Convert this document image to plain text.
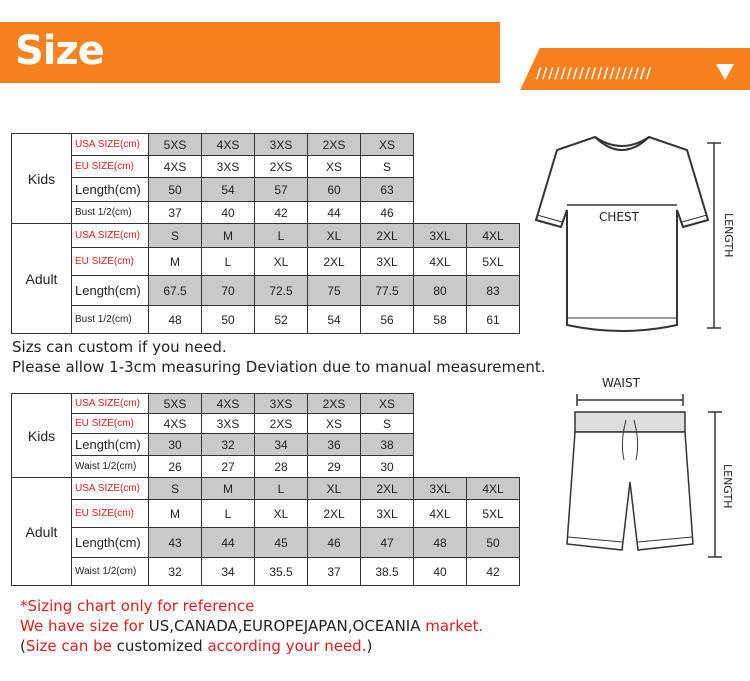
Size	///////////////////
Kids	USA SIZE(cm)	5XS	4XS	3XS	2XS	XS		
	EU SIZE(cm)	4XS	3XS	2XS	XS	S		
	Length(cm)	50	54	57	60	63		
	Bust 1/2(cm)	37	40	42	44	46		
Adult	USA SIZE(cm)	S	M	L	XL	2XL	3XL	4XL
	EU SIZE(cm)	M	L	XL	2XL	3XL	4XL	5XL
	Length(cm)	67.5	70	72.5	75	77.5	80	83
	Bust 1/2(cm)	48	50	52	54	56	58	61
Sizs can custom if you need.
Please allow 1-3cm measuring Deviation due to manual measurement.
Kids	USA SIZE(cm)	5XS	4XS	3XS	2XS	XS		
	EU SIZE(cm)	4XS	3XS	2XS	XS	S		
	Length(cm)	30	32	34	36	38		
	Waist 1/2(cm)	26	27	28	29	30		
Adult	USA SIZE(cm)	S	M	L	XL	2XL	3XL	4XL
	EU SIZE(cm)	M	L	XL	2XL	3XL	4XL	5XL
	Length(cm)	43	44	45	46	47	48	50
	Waist 1/2(cm)	32	34	35.5	37	38.5	40	42
CHEST	LENGTH
WAIST
LENGTH
*Sizing chart only for reference
We have size for US,CANADA,EUROPEJAPAN,OCEANIA market.
(Size can be customized according your need.)
